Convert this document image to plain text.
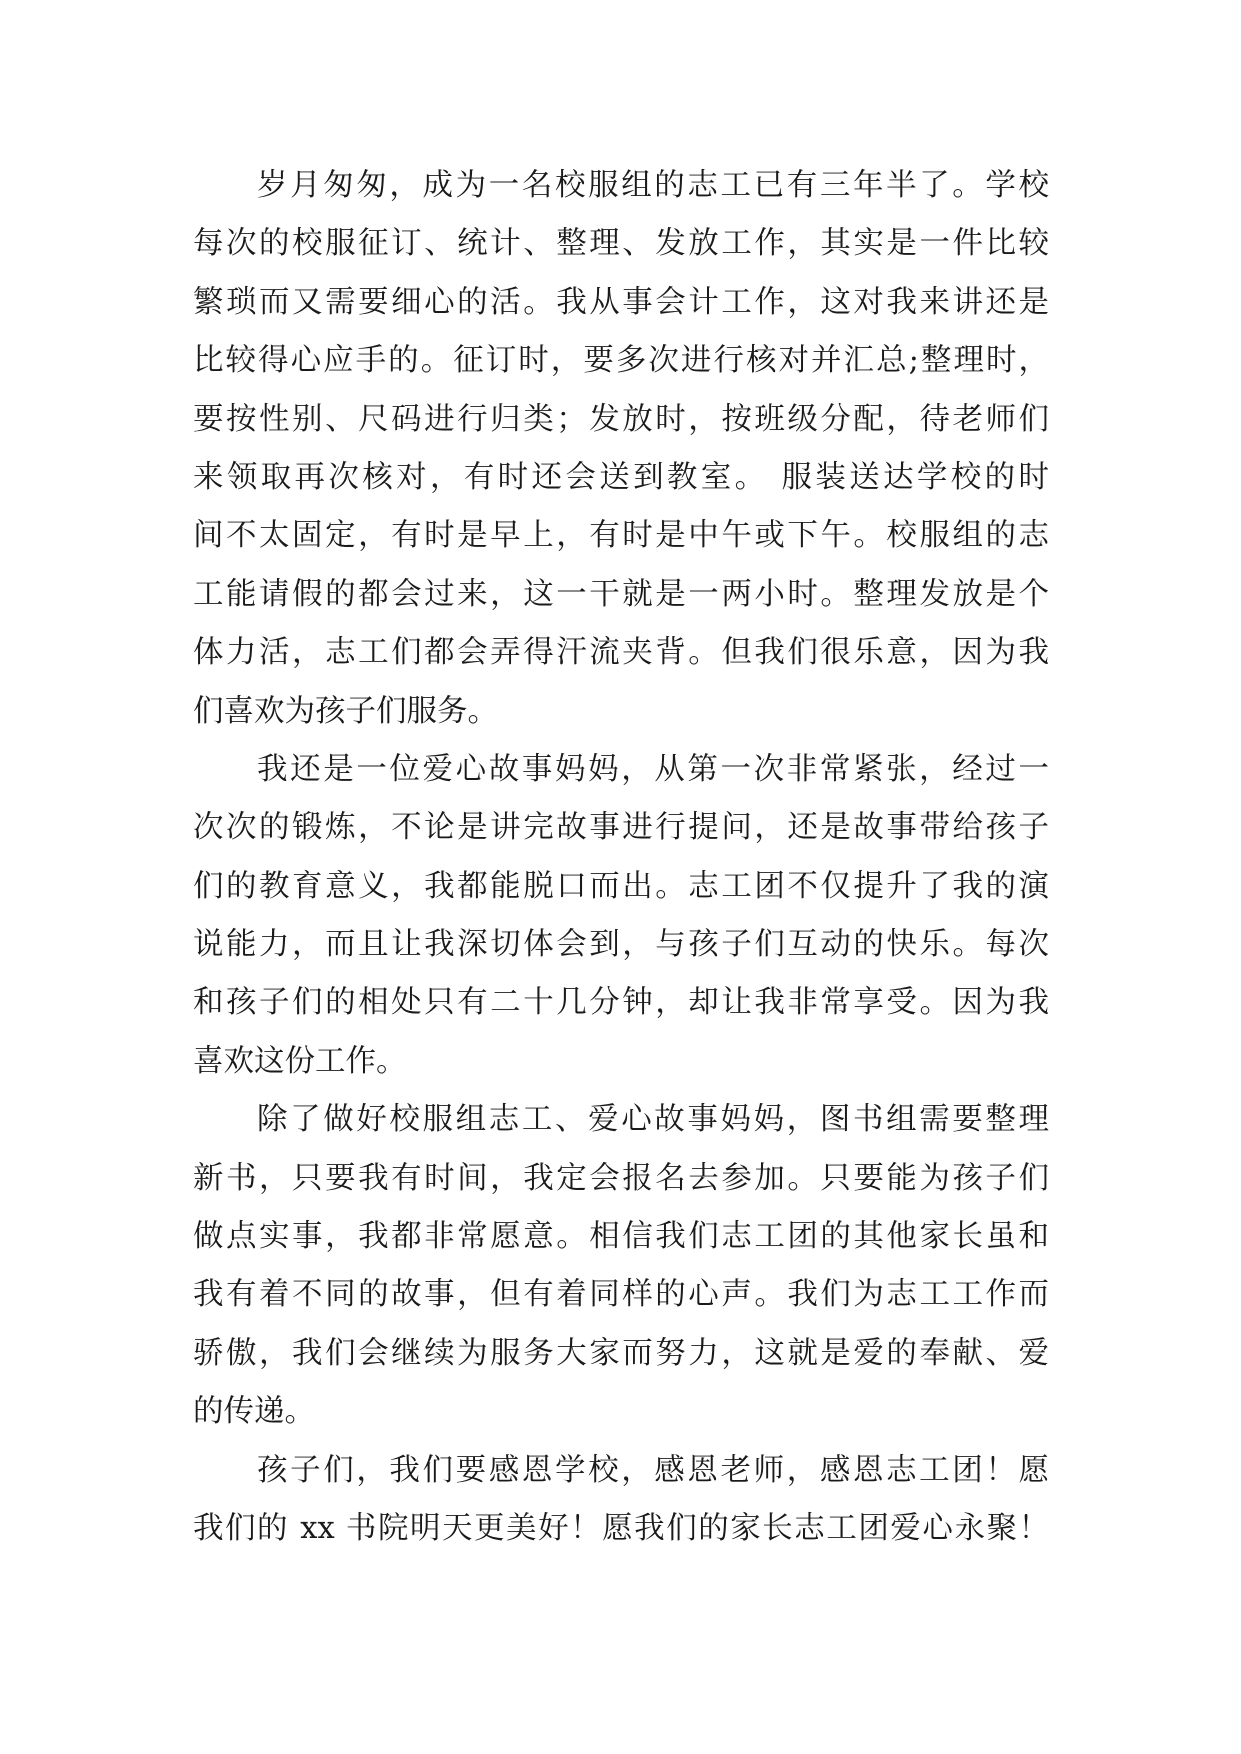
岁月匆匆，成为一名校服组的志工已有三年半了。学校
每次的校服征订、统计、整理、发放工作，其实是一件比较
繁琐而又需要细心的活。我从事会计工作，这对我来讲还是
比较得心应手的。征订时，要多次进行核对并汇总;整理时，
要按性别、尺码进行归类；发放时，按班级分配，待老师们
来领取再次核对，有时还会送到教室。 服装送达学校的时
间不太固定，有时是早上，有时是中午或下午。校服组的志
工能请假的都会过来，这一干就是一两小时。整理发放是个
体力活，志工们都会弄得汗流夹背。但我们很乐意，因为我
们喜欢为孩子们服务。
我还是一位爱心故事妈妈，从第一次非常紧张，经过一
次次的锻炼，不论是讲完故事进行提问，还是故事带给孩子
们的教育意义，我都能脱口而出。志工团不仅提升了我的演
说能力，而且让我深切体会到，与孩子们互动的快乐。每次
和孩子们的相处只有二十几分钟，却让我非常享受。因为我
喜欢这份工作。
除了做好校服组志工、爱心故事妈妈，图书组需要整理
新书，只要我有时间，我定会报名去参加。只要能为孩子们
做点实事，我都非常愿意。相信我们志工团的其他家长虽和
我有着不同的故事，但有着同样的心声。我们为志工工作而
骄傲，我们会继续为服务大家而努力，这就是爱的奉献、爱
的传递。
孩子们，我们要感恩学校，感恩老师，感恩志工团！愿
我们的 xx 书院明天更美好！愿我们的家长志工团爱心永聚！
